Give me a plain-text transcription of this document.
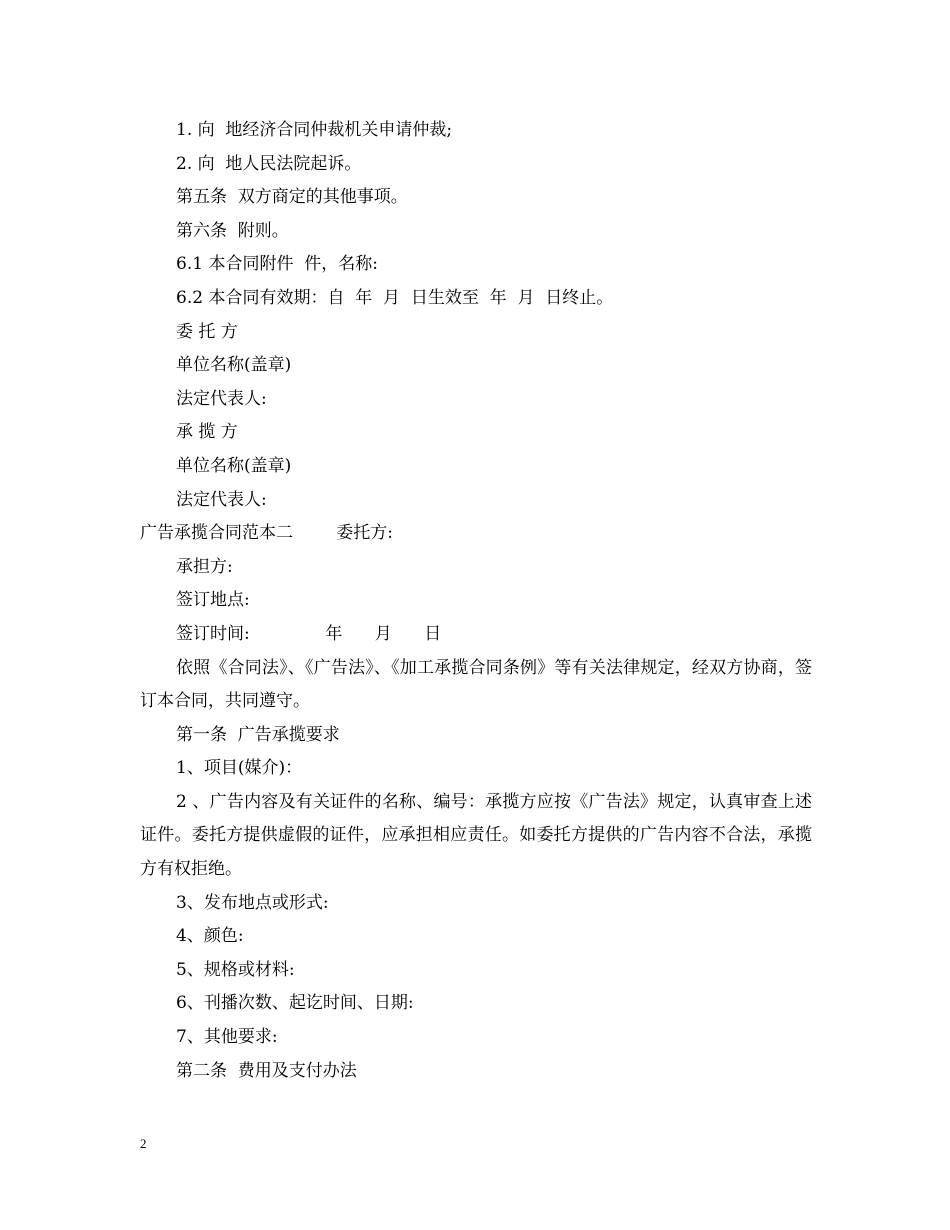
1. 向  地经济合同仲裁机关申请仲裁;
2. 向  地人民法院起诉。
第五条  双方商定的其他事项。
第六条  附则。
6.1 本合同附件  件，名称:
6.2 本合同有效期：自  年  月  日生效至  年  月  日终止。
委 托 方
单位名称(盖章)
法定代表人:
承 揽 方
单位名称(盖章)
法定代表人:
广告承揽合同范本二        委托方:
承担方:
签订地点:
签订时间:              年      月      日
依照《合同法》、《广告法》、《加工承揽合同条例》等有关法律规定，经双方协商，签订本合同，共同遵守。
第一条  广告承揽要求
1、项目(媒介)：
2 、广告内容及有关证件的名称、编号：承揽方应按《广告法》规定，认真审查上述证件。委托方提供虚假的证件，应承担相应责任。如委托方提供的广告内容不合法，承揽方有权拒绝。
3、发布地点或形式:
4、颜色:
5、规格或材料:
6、刊播次数、起讫时间、日期:
7、其他要求:
第二条  费用及支付办法
2
